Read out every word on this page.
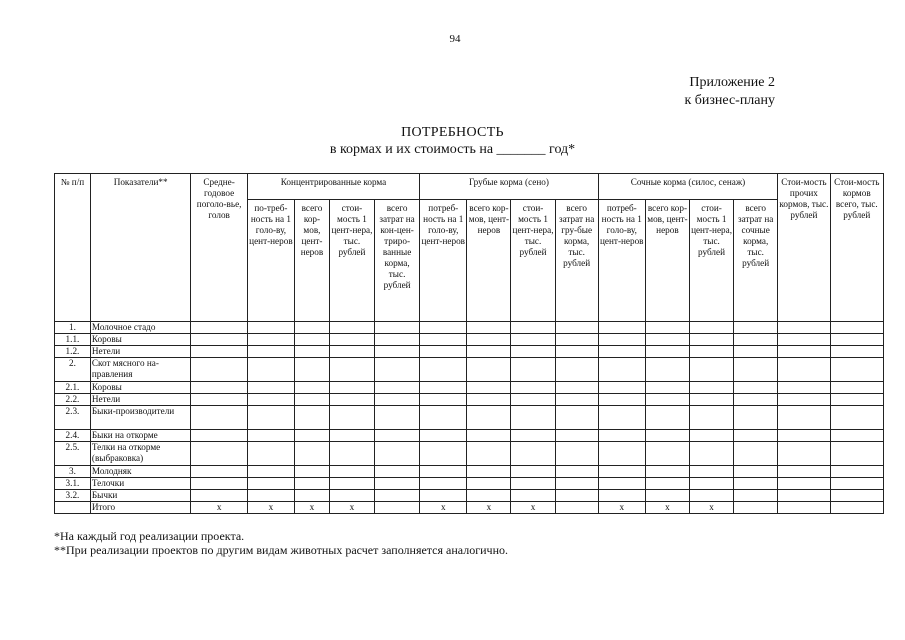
94
Приложение 2
к бизнес-плану
ПОТРЕБНОСТЬ
в кормах и их стоимость на _______ год*
№ п/п	Показатели**	Средне-годовое поголо-вье, голов	Концентрированные корма				Грубые корма (сено)				Сочные корма (силос, сенаж)				Стои-мость прочих кормов, тыс. рублей	Стои-мость кормов всего, тыс. рублей
			по-треб-ность на 1 голо-ву, цент-неров	всего кор-мов, цент-неров	стои-мость 1 цент-нера, тыс. рублей	всего затрат на кон-цен-триро-ванные корма, тыс. рублей	потреб-ность на 1 голо-ву, цент-неров	всего кор-мов, цент-неров	стои-мость 1 цент-нера, тыс. рублей	всего затрат на гру-бые корма, тыс. рублей	потреб-ность на 1 голо-ву, цент-неров	всего кор-мов, цент-неров	стои-мость 1 цент-нера, тыс. рублей	всего затрат на сочные корма, тыс. рублей		
1.	Молочное стадо															
1.1.	Коровы															
1.2.	Нетели															
2.	Скот мясного на-правления															
2.1.	Коровы															
2.2.	Нетели															
2.3.	Быки-производители															
2.4.	Быки на откорме															
2.5.	Телки на откорме (выбраковка)															
3.	Молодняк															
3.1.	Телочки															
3.2.	Бычки															
	Итого	x	x	x	x		x	x	x		x	x	x			
*На каждый год реализации проекта.
**При реализации проектов по другим видам животных расчет заполняется аналогично.
